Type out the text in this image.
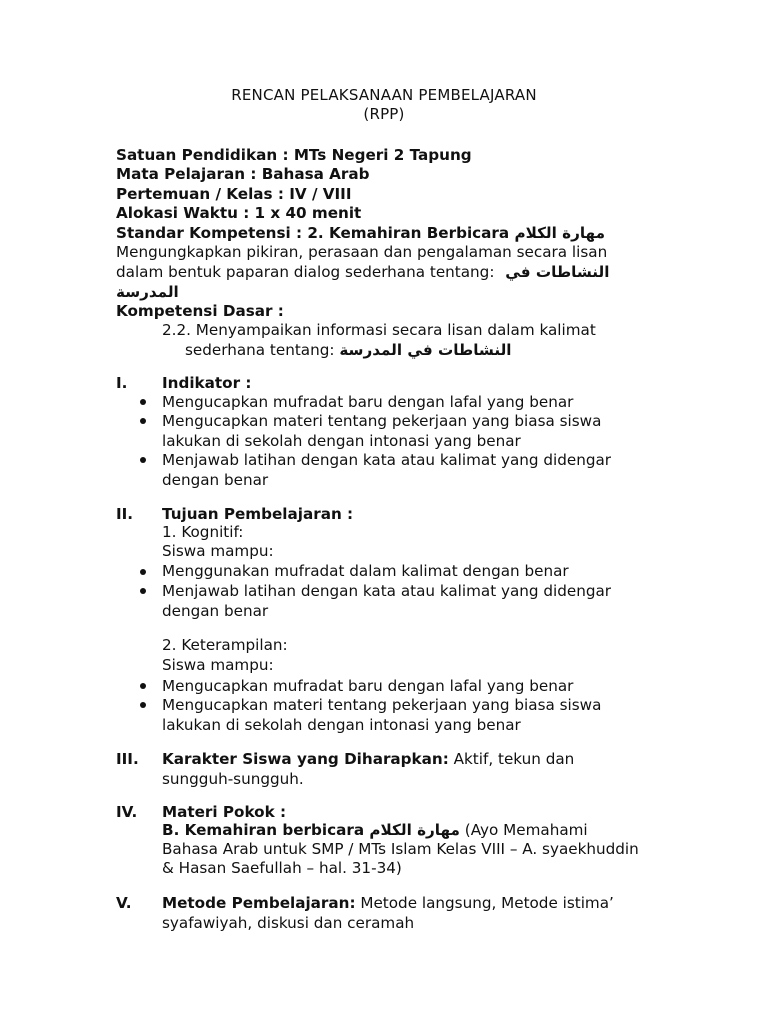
RENCAN PELAKSANAAN PEMBELAJARAN
(RPP)
Satuan Pendidikan : MTs Negeri 2 Tapung
Mata Pelajaran : Bahasa Arab
Pertemuan / Kelas : IV / VIII
Alokasi Waktu : 1 x 40 menit
Standar Kompetensi : 2. Kemahiran Berbicara مهارة الكلام
Mengungkapkan pikiran, perasaan dan pengalaman secara lisan
dalam bentuk paparan dialog sederhana tentang: النشاطات في
المدرسة
Kompetensi Dasar :
2.2. Menyampaikan informasi secara lisan dalam kalimat
sederhana tentang: النشاطات في المدرسة
I. Indikator :
Mengucapkan mufradat baru dengan lafal yang benar
Mengucapkan materi tentang pekerjaan yang biasa siswa
lakukan di sekolah dengan intonasi yang benar
Menjawab latihan dengan kata atau kalimat yang didengar
dengan benar
II. Tujuan Pembelajaran :
1. Kognitif:
Siswa mampu:
Menggunakan mufradat dalam kalimat dengan benar
Menjawab latihan dengan kata atau kalimat yang didengar
dengan benar
2. Keterampilan:
Siswa mampu:
Mengucapkan mufradat baru dengan lafal yang benar
Mengucapkan materi tentang pekerjaan yang biasa siswa
lakukan di sekolah dengan intonasi yang benar
III. Karakter Siswa yang Diharapkan: Aktif, tekun dan
sungguh-sungguh.
IV. Materi Pokok :
B. Kemahiran berbicara مهارة الكلام (Ayo Memahami
Bahasa Arab untuk SMP / MTs Islam Kelas VIII – A. syaekhuddin
& Hasan Saefullah – hal. 31-34)
V. Metode Pembelajaran: Metode langsung, Metode istima’
syafawiyah, diskusi dan ceramah
